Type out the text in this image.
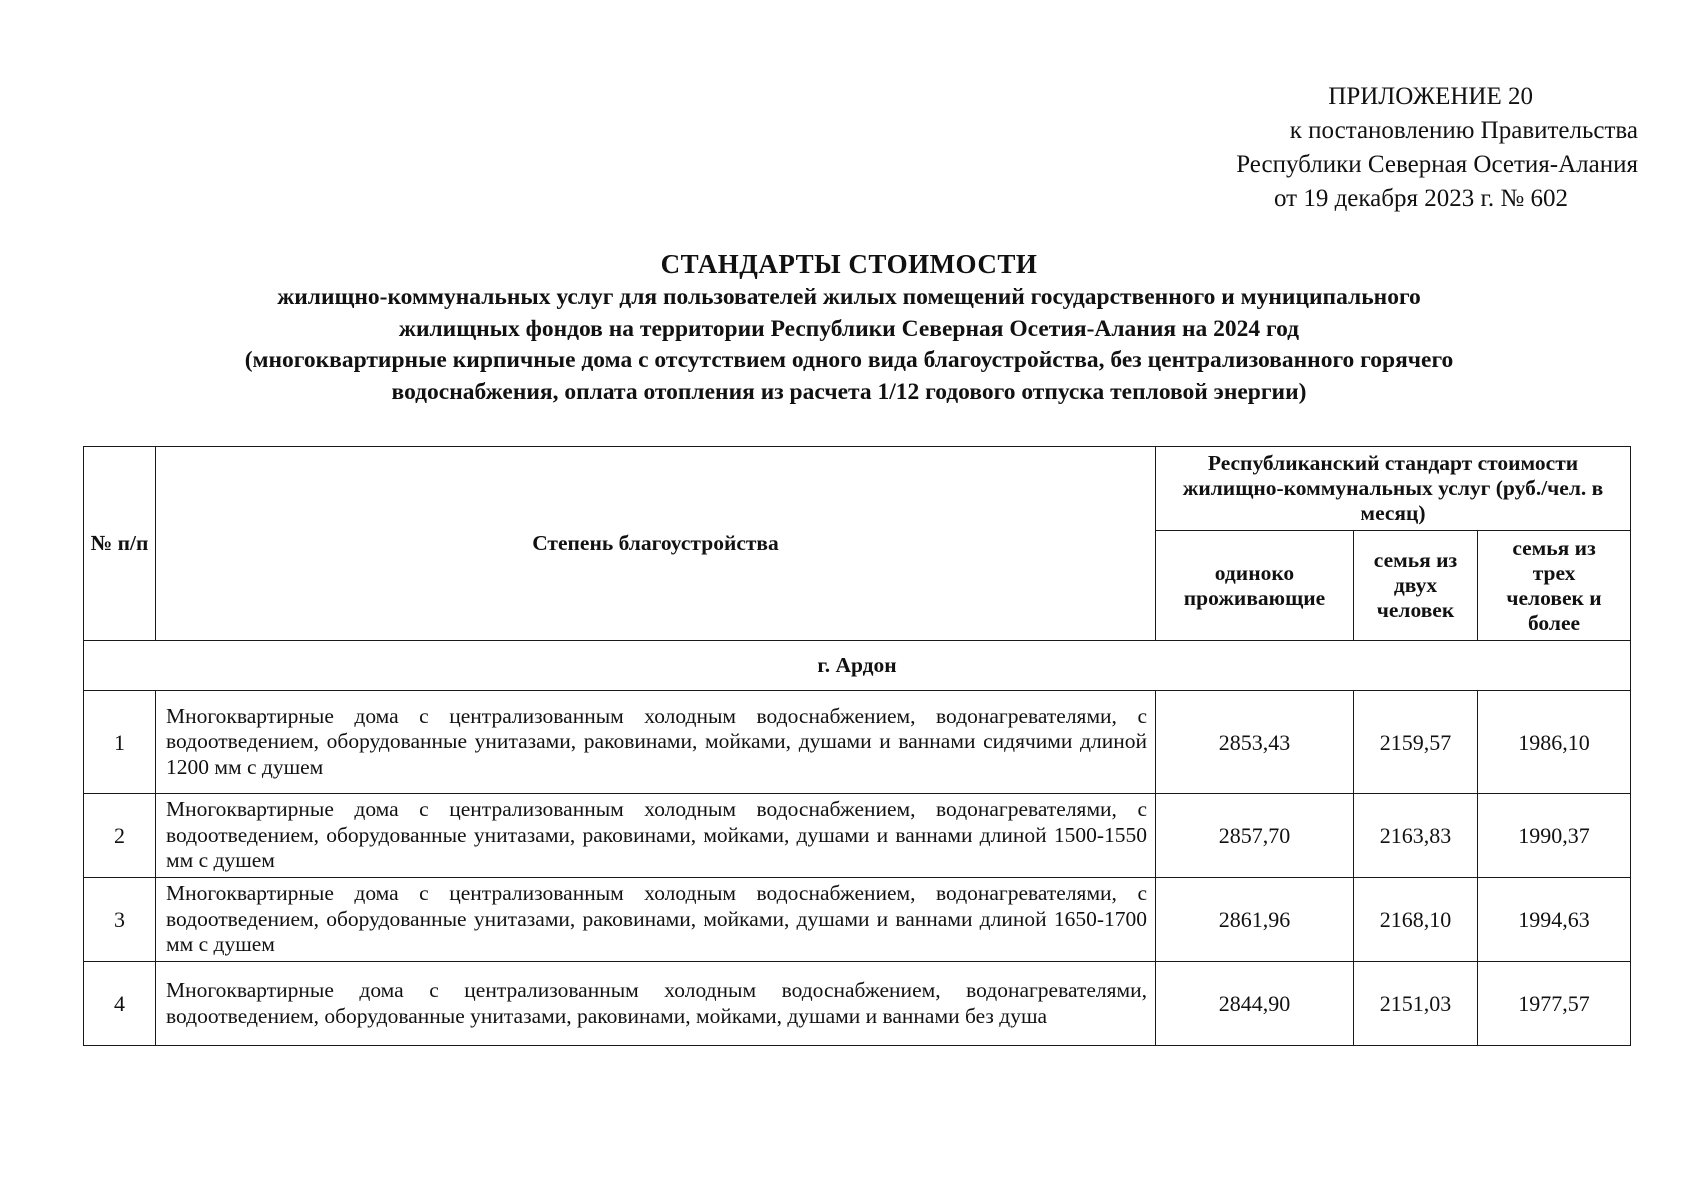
ПРИЛОЖЕНИЕ 20
к постановлению Правительства
Республики Северная Осетия-Алания
от 19 декабря 2023 г. № 602
СТАНДАРТЫ СТОИМОСТИ
жилищно-коммунальных услуг для пользователей жилых помещений государственного и муниципального
жилищных фондов на территории Республики Северная Осетия-Алания на 2024 год
(многоквартирные кирпичные дома с отсутствием одного вида благоустройства, без централизованного горячего
водоснабжения, оплата отопления из расчета 1/12 годового отпуска тепловой энергии)
№ п/п	Степень благоустройства	Республиканский стандарт стоимости жилищно-коммунальных услуг (руб./чел. в месяц)		
		одиноко проживающие	семья из двух человек	семья из трех человек и более
г. Ардон				
1	Многоквартирные дома с централизованным холодным водоснабжением, водонагревателями, с водоотведением, оборудованные унитазами, раковинами, мойками, душами и ваннами сидячими длиной 1200 мм с душем	2853,43	2159,57	1986,10
2	Многоквартирные дома с централизованным холодным водоснабжением, водонагревателями, с водоотведением, оборудованные унитазами, раковинами, мойками, душами и ваннами длиной 1500-1550 мм с душем	2857,70	2163,83	1990,37
3	Многоквартирные дома с централизованным холодным водоснабжением, водонагревателями, с водоотведением, оборудованные унитазами, раковинами, мойками, душами и ваннами длиной 1650-1700 мм с душем	2861,96	2168,10	1994,63
4	Многоквартирные дома с централизованным холодным водоснабжением, водонагревателями, водоотведением, оборудованные унитазами, раковинами, мойками, душами и ваннами без душа	2844,90	2151,03	1977,57
